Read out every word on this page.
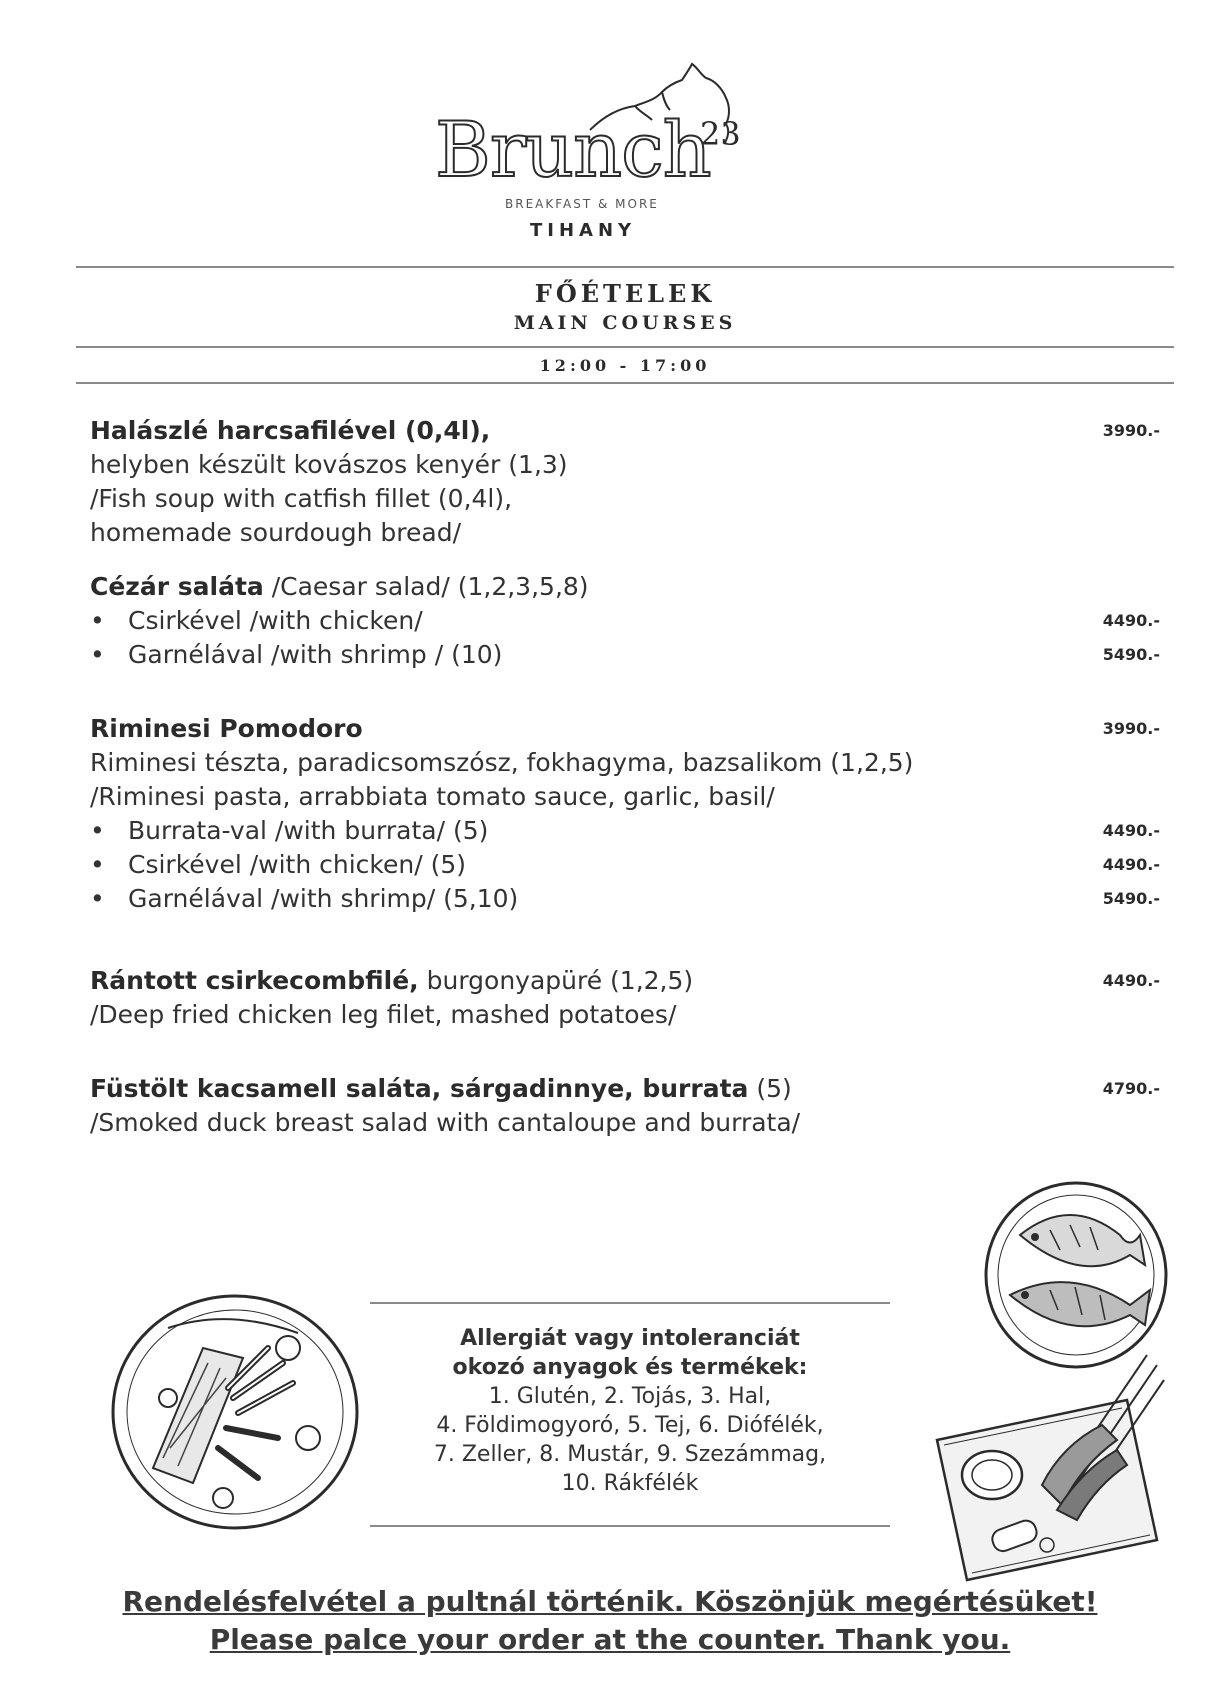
Brunch
23
BREAKFAST & MORE
TIHANY
FŐÉTELEK
MAIN COURSES
12:00 - 17:00
Halászlé harcsafilével (0,4l),	3990.-
helyben készült kovászos kenyér (1,3)
/Fish soup with catfish fillet (0,4l),
homemade sourdough bread/
Cézár saláta /Caesar salad/ (1,2,3,5,8)
• Csirkével /with chicken/	4490.-
• Garnélával /with shrimp / (10)	5490.-
Riminesi Pomodoro	3990.-
Riminesi tészta, paradicsomszósz, fokhagyma, bazsalikom (1,2,5)
/Riminesi pasta, arrabbiata tomato sauce, garlic, basil/
• Burrata-val /with burrata/ (5)	4490.-
• Csirkével /with chicken/ (5)	4490.-
• Garnélával /with shrimp/ (5,10)	5490.-
Rántott csirkecombfilé, burgonyapüré (1,2,5)	4490.-
/Deep fried chicken leg filet, mashed potatoes/
Füstölt kacsamell saláta, sárgadinnye, burrata (5)	4790.-
/Smoked duck breast salad with cantaloupe and burrata/
Allergiát vagy intoleranciát
okozó anyagok és termékek:
1. Glutén, 2. Tojás, 3. Hal,
4. Földimogyoró, 5. Tej, 6. Diófélék,
7. Zeller, 8. Mustár, 9. Szezámmag,
10. Rákfélék
Rendelésfelvétel a pultnál történik. Köszönjük megértésüket!
Please palce your order at the counter. Thank you.
